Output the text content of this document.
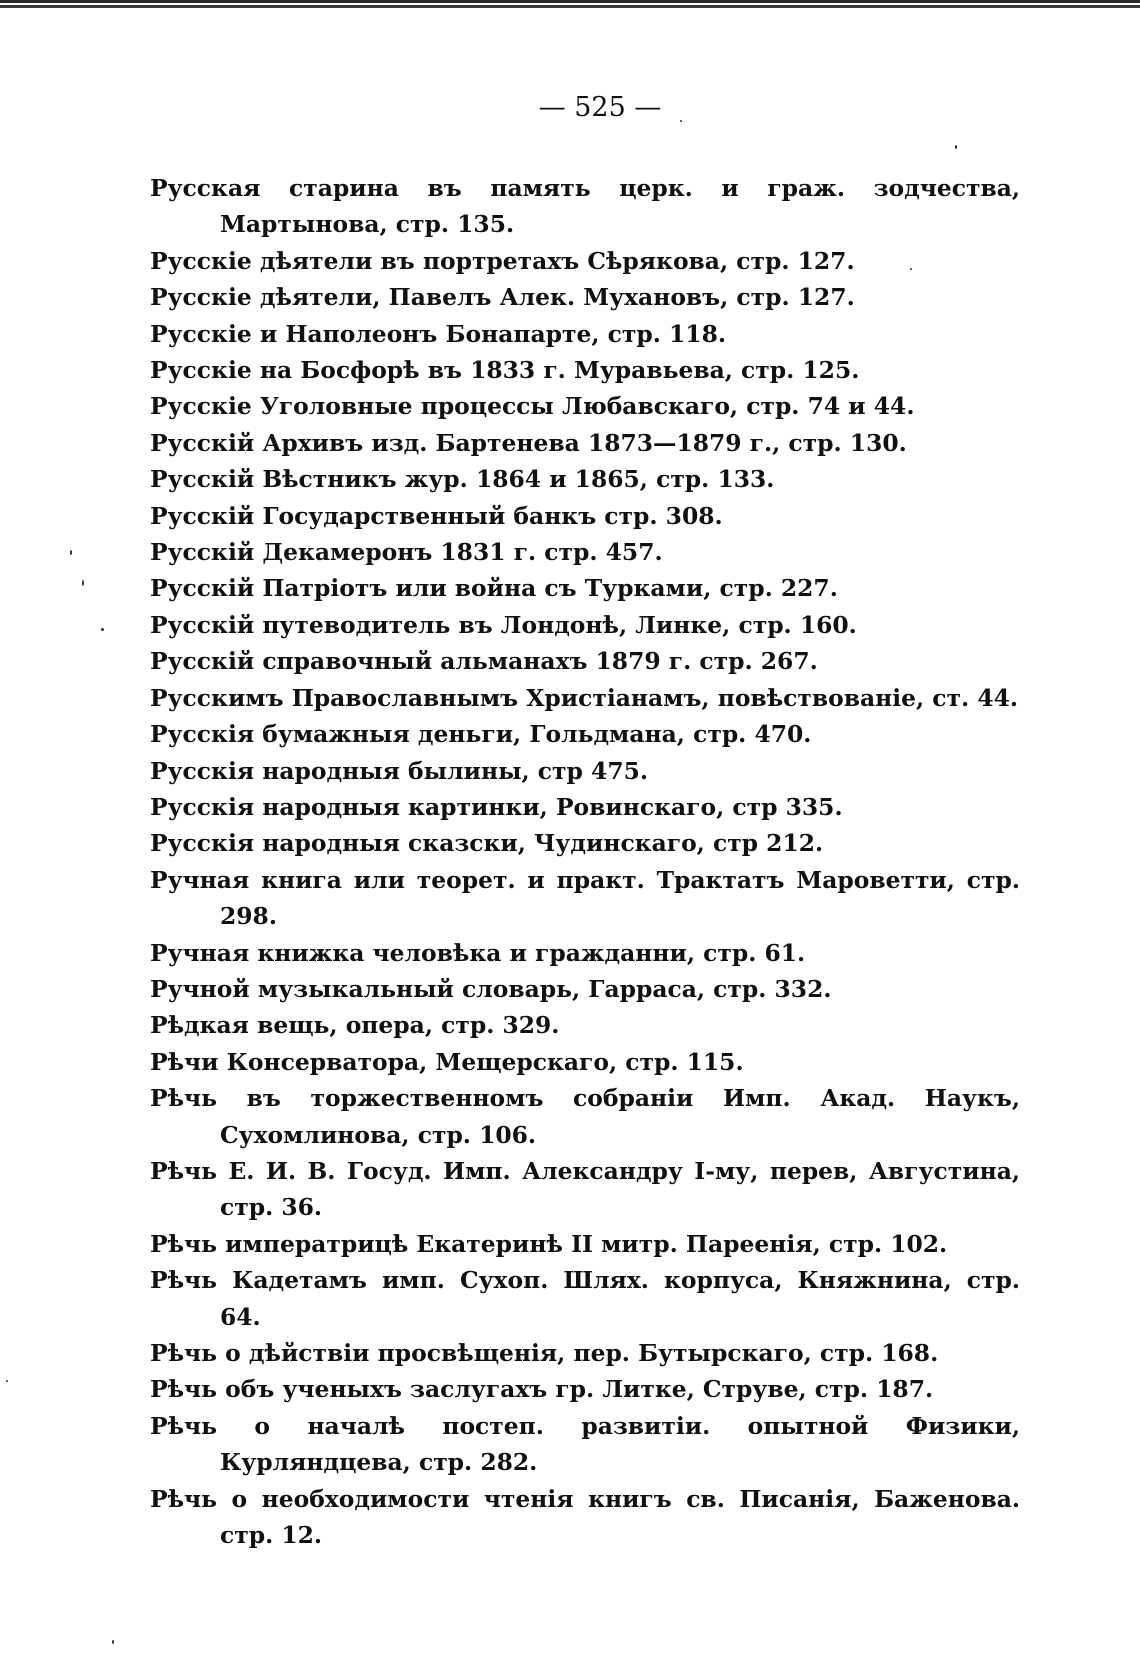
— 525 —
Русская старина въ память церк. и граж. зодчества, Мартынова, стр. 135.
Русскіе дѣятели въ портретахъ Сѣрякова, стр. 127.
Русскіе дѣятели, Павелъ Алек. Мухановъ, стр. 127.
Русскіе и Наполеонъ Бонапарте, стр. 118.
Русскіе на Босфорѣ въ 1833 г. Муравьева, стр. 125.
Русскіе Уголовные процессы Любавскаго, стр. 74 и 44.
Русскій Архивъ изд. Бартенева 1873—1879 г., стр. 130.
Русскій Вѣстникъ жур. 1864 и 1865, стр. 133.
Русскій Государственный банкъ стр. 308.
Русскій Декамеронъ 1831 г. стр. 457.
Русскій Патріотъ или война съ Турками, стр. 227.
Русскій путеводитель въ Лондонѣ, Линке, стр. 160.
Русскій справочный альманахъ 1879 г. стр. 267.
Русскимъ Православнымъ Христіанамъ, повѣствованіе, ст. 44.
Русскія бумажныя деньги, Гольдмана, стр. 470.
Русскія народныя былины, стр 475.
Русскія народныя картинки, Ровинскаго, стр 335.
Русскія народныя сказски, Чудинскаго, стр 212.
Ручная книга или теорет. и практ. Трактатъ Мароветти, стр. 298.
Ручная книжка человѣка и гражданни, стр. 61.
Ручной музыкальный словарь, Гарраса, стр. 332.
Рѣдкая вещь, опера, стр. 329.
Рѣчи Консерватора, Мещерскаго, стр. 115.
Рѣчь въ торжественномъ собраніи Имп. Акад. Наукъ, Сухомлинова, стр. 106.
Рѣчь Е. И. В. Госуд. Имп. Александру I-му, перев, Августина, стр. 36.
Рѣчь императрицѣ Екатеринѣ II митр. Пареенія, стр. 102.
Рѣчь Кадетамъ имп. Сухоп. Шлях. корпуса, Княжнина, стр. 64.
Рѣчь о дѣйствіи просвѣщенія, пер. Бутырскаго, стр. 168.
Рѣчь объ ученыхъ заслугахъ гр. Литке, Струве, стр. 187.
Рѣчь о началѣ постеп. развитіи. опытной Физики, Курляндцева, стр. 282.
Рѣчь о необходимости чтенія книгъ св. Писанія, Баженова. стр. 12.
